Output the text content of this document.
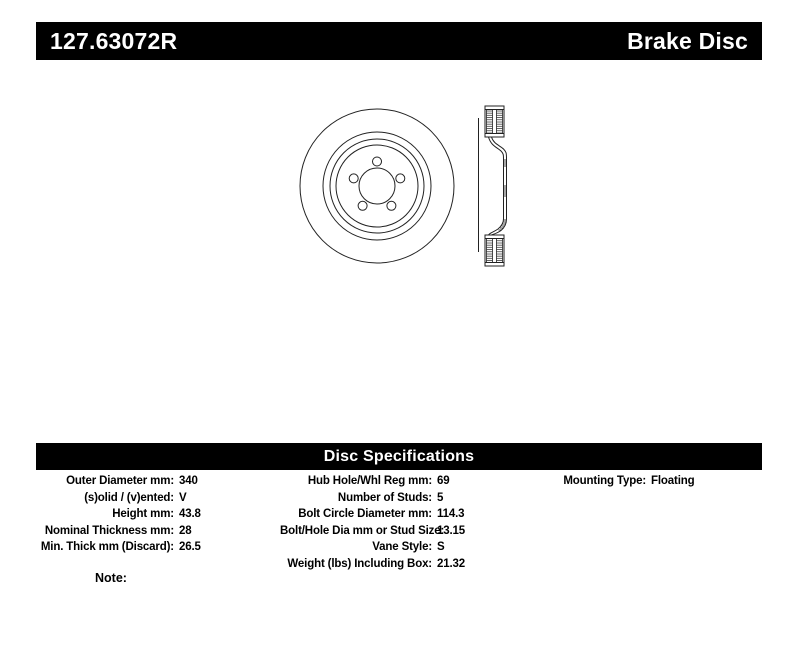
127.63072R	Brake Disc
Disc Specifications
Outer Diameter mm: 340
(s)olid / (v)ented: V
Height mm: 43.8
Nominal Thickness mm: 28
Min. Thick mm (Discard): 26.5
Hub Hole/Whl Reg mm: 69
Number of Studs: 5
Bolt Circle Diameter mm: 114.3
Bolt/Hole Dia mm or Stud Size:
13.15
Vane Style: S
Weight (lbs) Including Box: 21.32
Mounting Type: Floating
Note:
